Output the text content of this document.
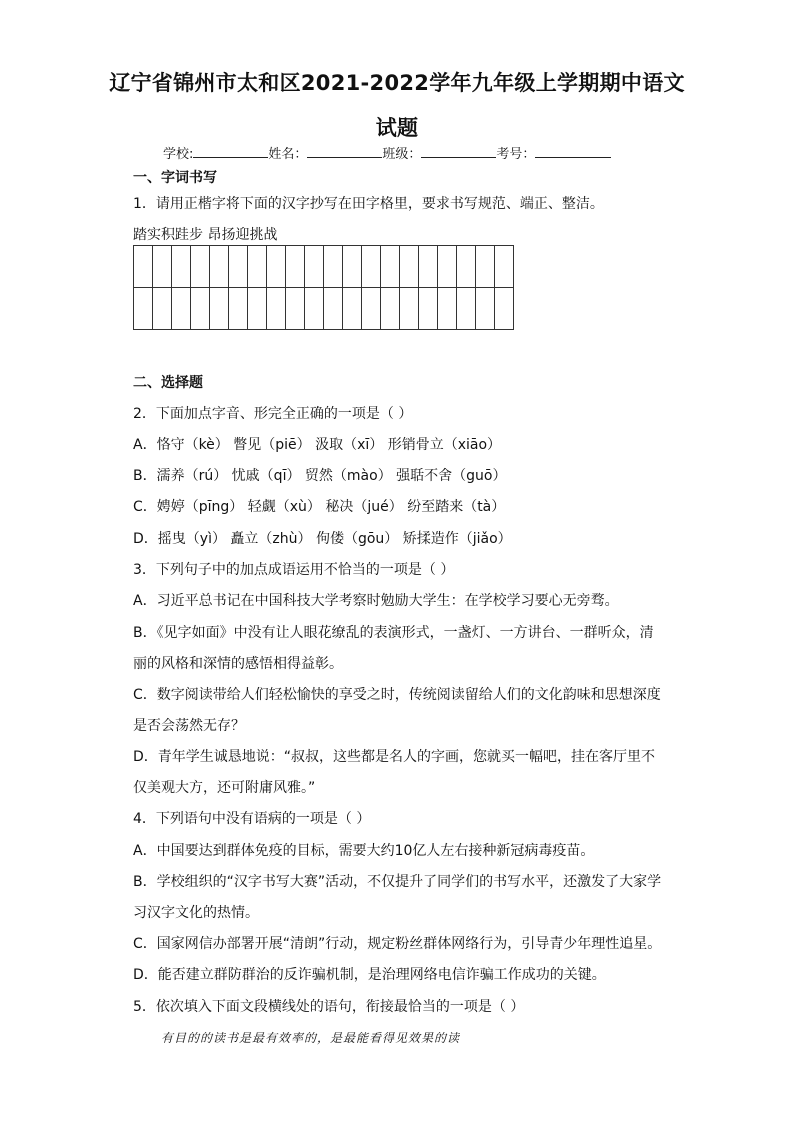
辽宁省锦州市太和区2021-2022学年九年级上学期期中语文
试题
学校:	姓名：	班级：	考号：
一、字词书写
1．请用正楷字将下面的汉字抄写在田字格里，要求书写规范、端正、整洁。
踏实积跬步 昂扬迎挑战

二、选择题
2．下面加点字音、形完全正确的一项是（ ）
A．恪守（kè） 瞥见（piē） 汲取（xī） 形销骨立（xiāo）
B．濡养（rú） 忧戚（qī） 贸然（mào） 强聒不舍（guō）
C．娉婷（pīng） 轻觑（xù） 秘决（jué） 纷至踏来（tà）
D．摇曳（yì） 矗立（zhù） 佝偻（gōu） 矫揉造作（jiǎo）
3．下列句子中的加点成语运用不恰当的一项是（ ）
A．习近平总书记在中国科技大学考察时勉励大学生：在学校学习要心无旁骛。
B．《见字如面》中没有让人眼花缭乱的表演形式，一盏灯、一方讲台、一群听众，清
丽的风格和深情的感悟相得益彰。
C．数字阅读带给人们轻松愉快的享受之时，传统阅读留给人们的文化韵味和思想深度
是否会荡然无存？
D．青年学生诚恳地说：“叔叔，这些都是名人的字画，您就买一幅吧，挂在客厅里不
仅美观大方，还可附庸风雅。”
4．下列语句中没有语病的一项是（ ）
A．中国要达到群体免疫的目标，需要大约10亿人左右接种新冠病毒疫苗。
B．学校组织的“汉字书写大赛”活动，不仅提升了同学们的书写水平，还激发了大家学
习汉字文化的热情。
C．国家网信办部署开展“清朗”行动，规定粉丝群体网络行为，引导青少年理性追星。
D．能否建立群防群治的反诈骗机制，是治理网络电信诈骗工作成功的关键。
5．依次填入下面文段横线处的语句，衔接最恰当的一项是（ ）
有目的的读书是最有效率的，是最能看得见效果的读
